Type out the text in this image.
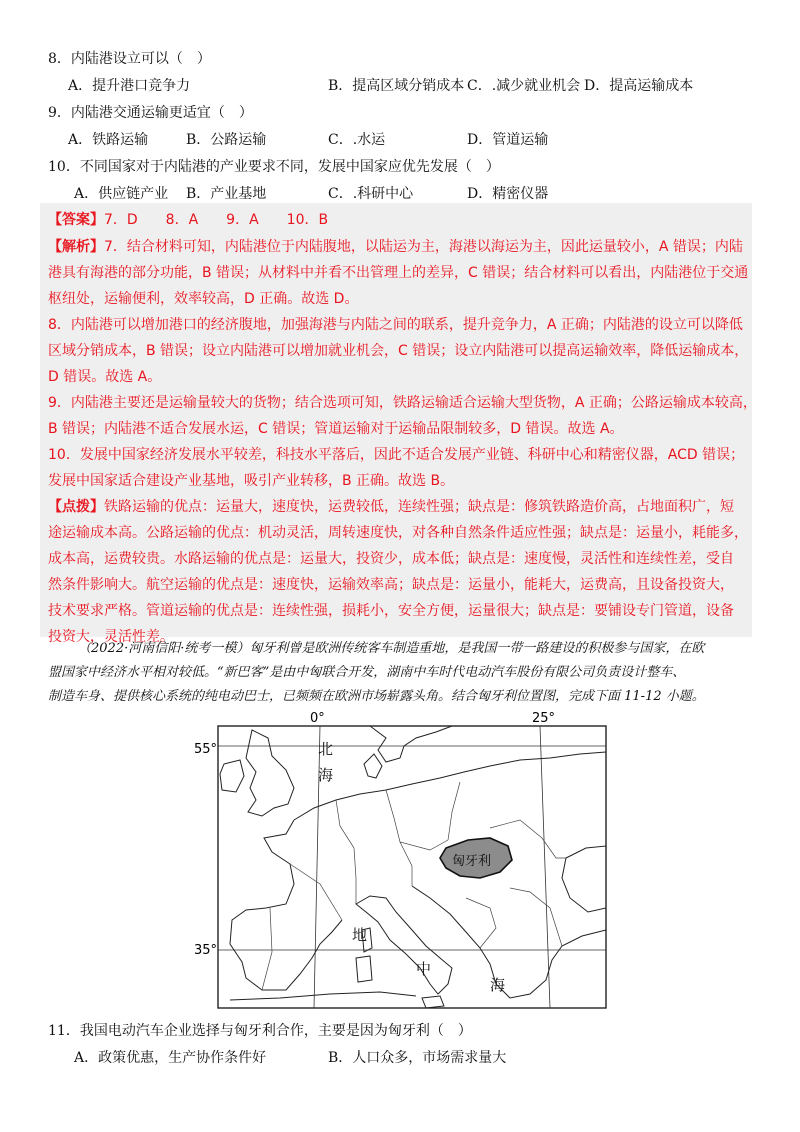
8．内陆港设立可以（　）
A．提升港口竞争力	B．提高区域分销成本 C．.减少就业机会 D．提高运输成本
9．内陆港交通运输更适宜（　）
A．铁路运输	B．公路运输	C．.水运	D．管道运输
10．不同国家对于内陆港的产业要求不同，发展中国家应优先发展（　）
A．供应链产业 B．产业基地	C．.科研中心	D．精密仪器
【答案】7．D　　8．A　　9．A　　10．B
【解析】7．结合材料可知，内陆港位于内陆腹地，以陆运为主，海港以海运为主，因此运量较小，A 错误；内陆
港具有海港的部分功能，B 错误；从材料中并看不出管理上的差异，C 错误；结合材料可以看出，内陆港位于交通
枢纽处，运输便利，效率较高，D 正确。故选 D。
8．内陆港可以增加港口的经济腹地，加强海港与内陆之间的联系，提升竞争力，A 正确；内陆港的设立可以降低
区域分销成本，B 错误；设立内陆港可以增加就业机会，C 错误；设立内陆港可以提高运输效率，降低运输成本，
D 错误。故选 A。
9．内陆港主要还是运输量较大的货物；结合选项可知，铁路运输适合运输大型货物，A 正确；公路运输成本较高，
B 错误；内陆港不适合发展水运，C 错误；管道运输对于运输品限制较多，D 错误。故选 A。
10．发展中国家经济发展水平较差，科技水平落后，因此不适合发展产业链、科研中心和精密仪器，ACD 错误；
发展中国家适合建设产业基地，吸引产业转移，B 正确。故选 B。
【点拨】铁路运输的优点：运量大，速度快，运费较低，连续性强；缺点是：修筑铁路造价高，占地面积广，短
途运输成本高。公路运输的优点：机动灵活，周转速度快，对各种自然条件适应性强；缺点是：运量小，耗能多，
成本高，运费较贵。水路运输的优点是：运量大，投资少，成本低；缺点是：速度慢，灵活性和连续性差，受自
然条件影响大。航空运输的优点是：速度快，运输效率高；缺点是：运量小，能耗大，运费高，且设备投资大，
技术要求严格。管道运输的优点是：连续性强，损耗小，安全方便，运量很大；缺点是：要铺设专门管道，设备
投资大，灵活性差。
（2022·河南信阳·统考一模）匈牙利曾是欧洲传统客车制造重地，是我国一带一路建设的积极参与国家，在欧
盟国家中经济水平相对较低。“新巴客”是由中匈联合开发，湖南中车时代电动汽车股份有限公司负责设计整车、
制造车身、提供核心系统的纯电动巴士，已频频在欧洲市场崭露头角。结合匈牙利位置图，完成下面 11-12 小题。
0°	25°
55°
35°
匈牙利
北
海
地
中
海
11．我国电动汽车企业选择与匈牙利合作，主要是因为匈牙利（　）
A．政策优惠，生产协作条件好	B．人口众多，市场需求量大
